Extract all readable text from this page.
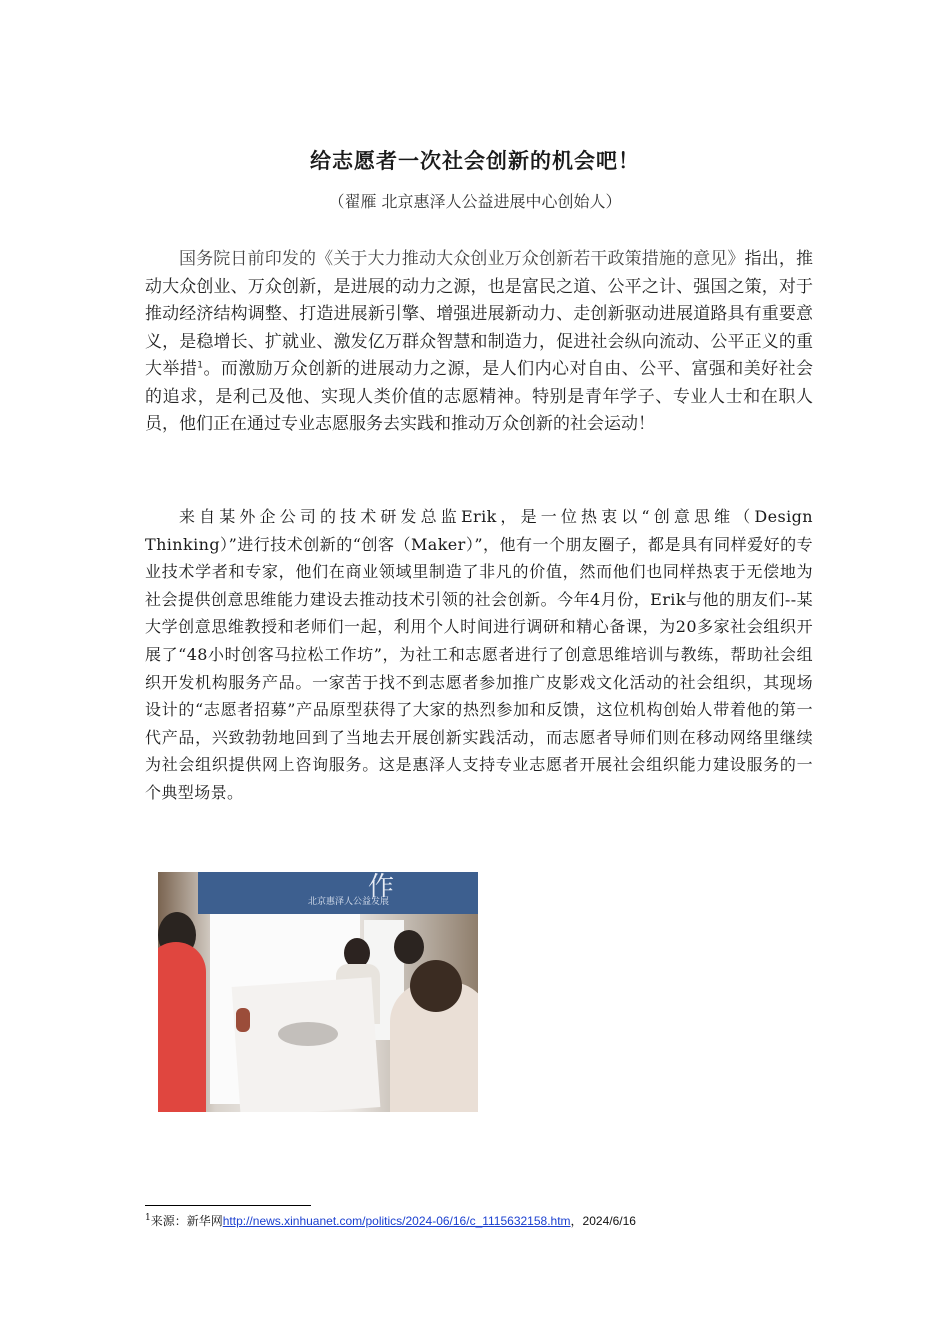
给志愿者一次社会创新的机会吧！
（翟雁 北京惠泽人公益进展中心创始人）

国务院日前印发的《关于大力推动大众创业万众创新若干政策措施的意见》指出，推动大众创业、万众创新，是进展的动力之源，也是富民之道、公平之计、强国之策，对于推动经济结构调整、打造进展新引擎、增强进展新动力、走创新驱动进展道路具有重要意义，是稳增长、扩就业、激发亿万群众智慧和制造力，促进社会纵向流动、公平正义的重大举措$^1$。而激励万众创新的进展动力之源，是人们内心对自由、公平、富强和美好社会的追求，是利己及他、实现人类价值的志愿精神。特别是青年学子、专业人士和在职人员，他们正在通过专业志愿服务去实践和推动万众创新的社会运动！

来自某外企公司的技术研发总监Erik，是一位热衷以“创意思维（Design Thinking）”进行技术创新的“创客（Maker）”，他有一个朋友圈子，都是具有同样爱好的专业技术学者和专家，他们在商业领域里制造了非凡的价值，然而他们也同样热衷于无偿地为社会提供创意思维能力建设去推动技术引领的社会创新。今年4月份，Erik与他的朋友们--某大学创意思维教授和老师们一起，利用个人时间进行调研和精心备课，为20多家社会组织开展了“48小时创客马拉松工作坊”，为社工和志愿者进行了创意思维培训与教练，帮助社会组织开发机构服务产品。一家苦于找不到志愿者参加推广皮影戏文化活动的社会组织，其现场设计的“志愿者招募”产品原型获得了大家的热烈参加和反馈，这位机构创始人带着他的第一代产品，兴致勃勃地回到了当地去开展创新实践活动，而志愿者导师们则在移动网络里继续为社会组织提供网上咨询服务。这是惠泽人支持专业志愿者开展社会组织能力建设服务的一个典型场景。

作
北京惠泽人公益发展
$^1$来源：新华网http://news.xinhuanet.com/politics/2024-06/16/c_1115632158.htm，2024/6/16
